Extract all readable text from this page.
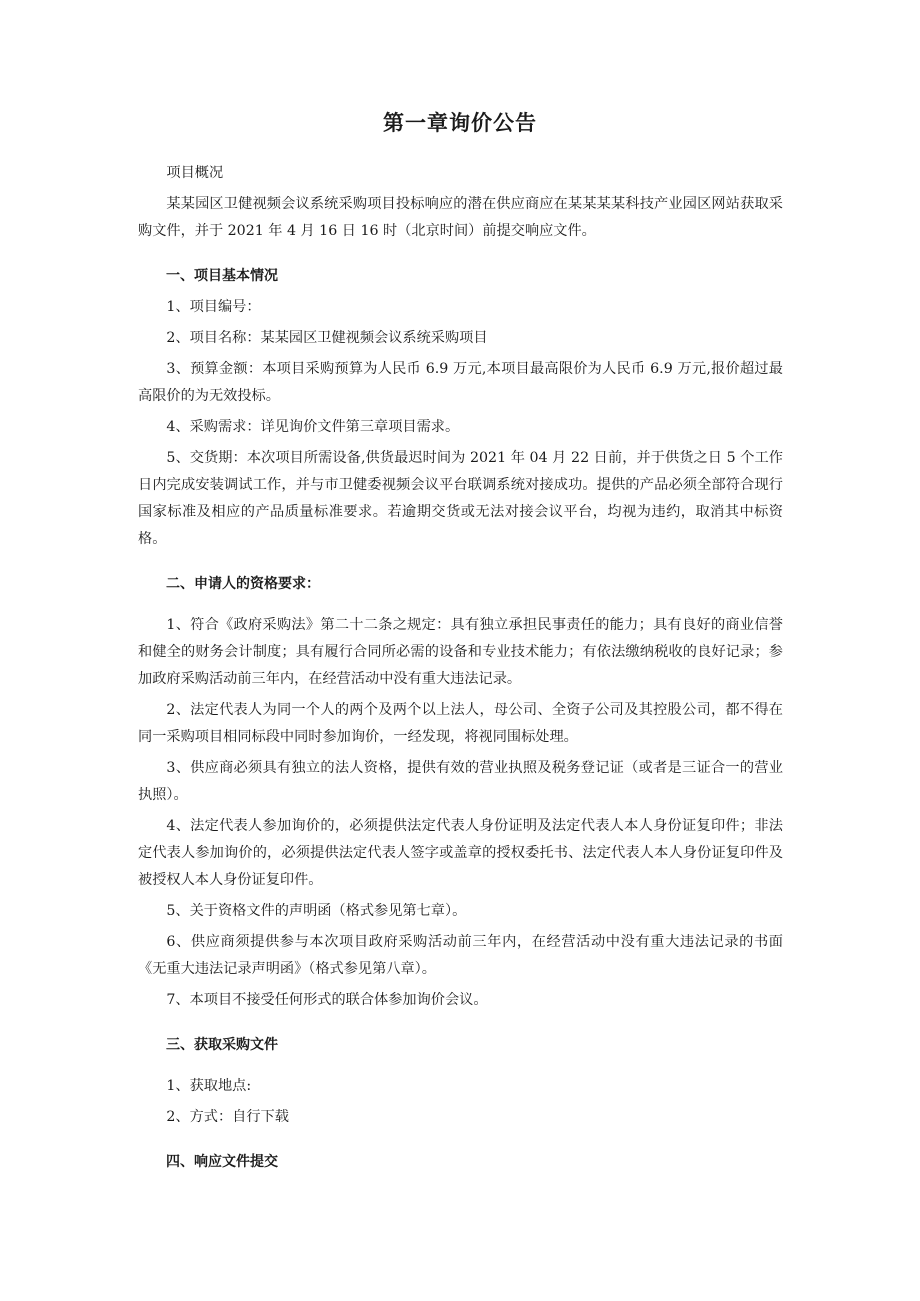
第一章询价公告

项目概况

某某园区卫健视频会议系统采购项目投标响应的潜在供应商应在某某某某科技产业园区网站获取采购文件，并于 2021 年 4 月 16 日 16 时（北京时间）前提交响应文件。

一、项目基本情况

1、项目编号：

2、项目名称：某某园区卫健视频会议系统采购项目

3、预算金额：本项目采购预算为人民币 6.9 万元,本项目最高限价为人民币 6.9 万元,报价超过最高限价的为无效投标。

4、采购需求：详见询价文件第三章项目需求。

5、交货期：本次项目所需设备,供货最迟时间为 2021 年 04 月 22 日前，并于供货之日 5 个工作日内完成安装调试工作，并与市卫健委视频会议平台联调系统对接成功。提供的产品必须全部符合现行国家标准及相应的产品质量标准要求。若逾期交货或无法对接会议平台，均视为违约，取消其中标资格。

二、申请人的资格要求：

1、符合《政府采购法》第二十二条之规定：具有独立承担民事责任的能力；具有良好的商业信誉和健全的财务会计制度；具有履行合同所必需的设备和专业技术能力；有依法缴纳税收的良好记录；参加政府采购活动前三年内，在经营活动中没有重大违法记录。

2、法定代表人为同一个人的两个及两个以上法人，母公司、全资子公司及其控股公司，都不得在同一采购项目相同标段中同时参加询价，一经发现，将视同围标处理。

3、供应商必须具有独立的法人资格，提供有效的营业执照及税务登记证（或者是三证合一的营业执照）。

4、法定代表人参加询价的，必须提供法定代表人身份证明及法定代表人本人身份证复印件；非法定代表人参加询价的，必须提供法定代表人签字或盖章的授权委托书、法定代表人本人身份证复印件及被授权人本人身份证复印件。

5、关于资格文件的声明函（格式参见第七章）。

6、供应商须提供参与本次项目政府采购活动前三年内，在经营活动中没有重大违法记录的书面《无重大违法记录声明函》（格式参见第八章）。

7、本项目不接受任何形式的联合体参加询价会议。

三、获取采购文件

1、获取地点:

2、方式：自行下载

四、响应文件提交
